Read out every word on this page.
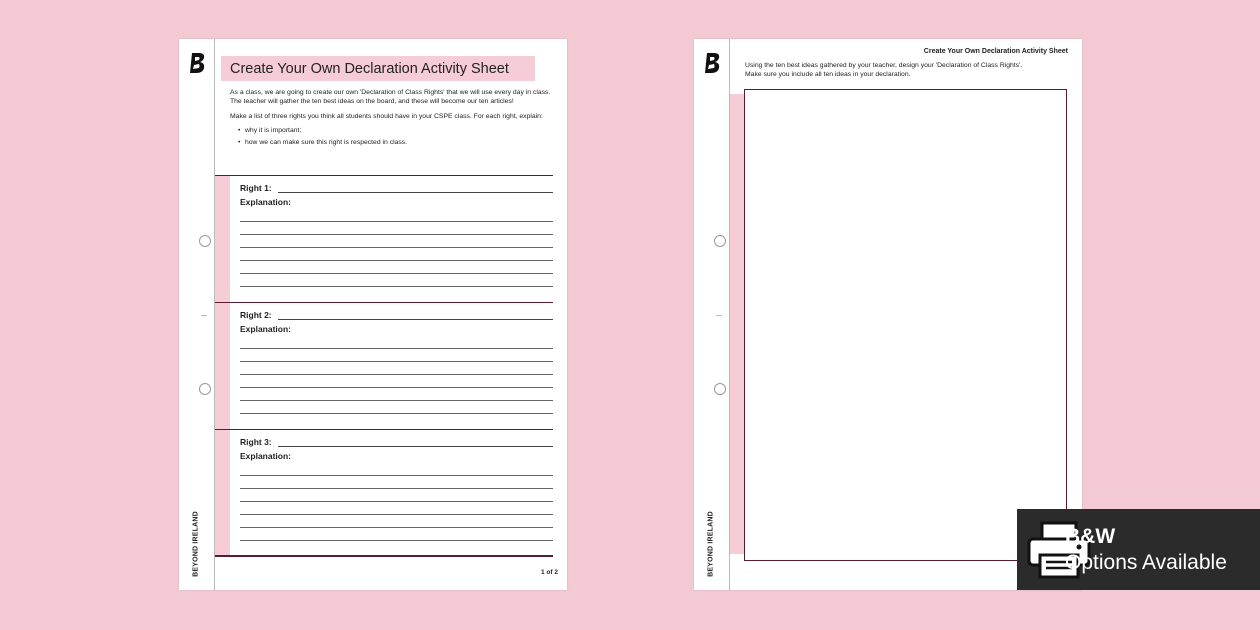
BEYOND IRELAND
Create Your Own Declaration Activity Sheet

As a class, we are going to create our own 'Declaration of Class Rights' that we will use every day in class. The teacher will gather the ten best ideas on the board, and these will become our ten articles!

Make a list of three rights you think all students should have in your CSPE class. For each right, explain:

• why it is important;
• how we can make sure this right is respected in class.
Right 1:
Explanation:
Right 2:
Explanation:
Right 3:
Explanation:
1 of 2	BEYOND IRELAND
Create Your Own Declaration Activity Sheet
Using the ten best ideas gathered by your teacher, design your 'Declaration of Class Rights'.
Make sure you include all ten ideas in your declaration.
B&W
Options Available
